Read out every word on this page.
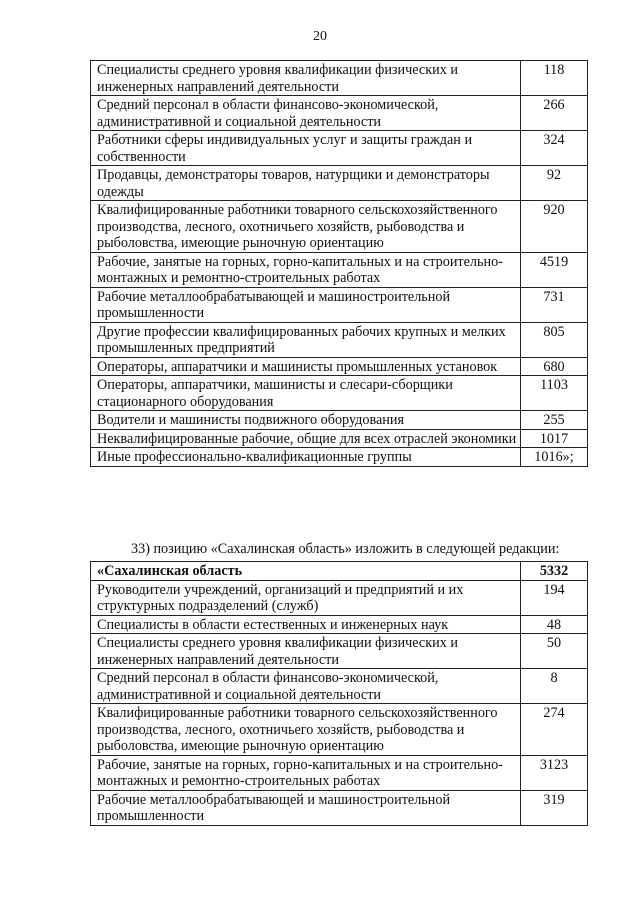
20
Специалисты среднего уровня квалификации физических и инженерных направлений деятельности	118
Средний персонал в области финансово-экономической, административной и социальной деятельности	266
Работники сферы индивидуальных услуг и защиты граждан и собственности	324
Продавцы, демонстраторы товаров, натурщики и демонстраторы одежды	92
Квалифицированные работники товарного сельскохозяйственного производства, лесного, охотничьего хозяйств, рыбоводства и рыболовства, имеющие рыночную ориентацию	920
Рабочие, занятые на горных, горно-капитальных и на строительно-монтажных и ремонтно-строительных работах	4519
Рабочие металлообрабатывающей и машиностроительной промышленности	731
Другие профессии квалифицированных рабочих крупных и мелких промышленных предприятий	805
Операторы, аппаратчики и машинисты промышленных установок	680
Операторы, аппаратчики, машинисты и слесари-сборщики стационарного оборудования	1103
Водители и машинисты подвижного оборудования	255
Неквалифицированные рабочие, общие для всех отраслей экономики	1017
Иные профессионально-квалификационные группы	1016»;
33) позицию «Сахалинская область» изложить в следующей редакции:
«Сахалинская область	5332
Руководители учреждений, организаций и предприятий и их структурных подразделений (служб)	194
Специалисты в области естественных и инженерных наук	48
Специалисты среднего уровня квалификации физических и инженерных направлений деятельности	50
Средний персонал в области финансово-экономической, административной и социальной деятельности	8
Квалифицированные работники товарного сельскохозяйственного производства, лесного, охотничьего хозяйств, рыбоводства и рыболовства, имеющие рыночную ориентацию	274
Рабочие, занятые на горных, горно-капитальных и на строительно-монтажных и ремонтно-строительных работах	3123
Рабочие металлообрабатывающей и машиностроительной промышленности	319
